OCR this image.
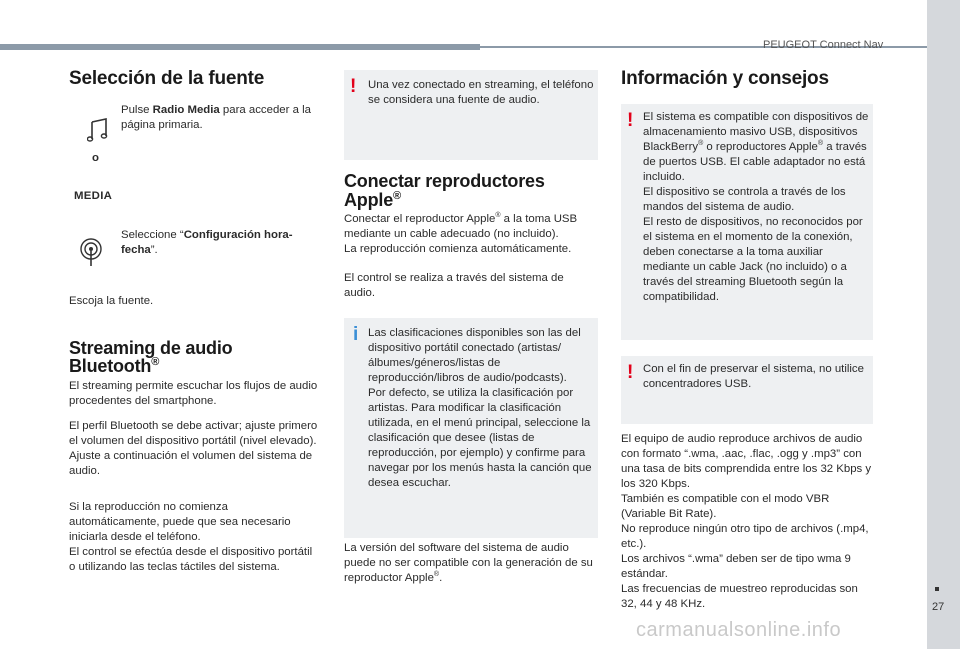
PEUGEOT Connect Nav
27
carmanualsonline.info
Selección de la fuente

Pulse Radio Media para acceder a la página primaria.

o

MEDIA

Seleccione “Configuración hora-fecha”.

Escoja la fuente.

Streaming de audio
Bluetooth®

El streaming permite escuchar los flujos de audio procedentes del smartphone.

El perfil Bluetooth se debe activar; ajuste primero el volumen del dispositivo portátil (nivel elevado).
Ajuste a continuación el volumen del sistema de audio.

Si la reproducción no comienza automáticamente, puede que sea necesario iniciarla desde el teléfono.
El control se efectúa desde el dispositivo portátil o utilizando las teclas táctiles del sistema.

! Una vez conectado en streaming, el teléfono se considera una fuente de audio.

Conectar reproductores
Apple®

Conectar el reproductor Apple® a la toma USB mediante un cable adecuado (no incluido).
La reproducción comienza automáticamente.

El control se realiza a través del sistema de audio.

i Las clasificaciones disponibles son las del dispositivo portátil conectado (artistas/álbumes/géneros/listas de reproducción/libros de audio/podcasts).
Por defecto, se utiliza la clasificación por artistas. Para modificar la clasificación utilizada, en el menú principal, seleccione la clasificación que desee (listas de reproducción, por ejemplo) y confirme para navegar por los menús hasta la canción que desea escuchar.

La versión del software del sistema de audio puede no ser compatible con la generación de su reproductor Apple®.

Información y consejos
! El sistema es compatible con dispositivos de almacenamiento masivo USB, dispositivos BlackBerry® o reproductores Apple® a través de puertos USB. El cable adaptador no está incluido.
El dispositivo se controla a través de los mandos del sistema de audio.
El resto de dispositivos, no reconocidos por el sistema en el momento de la conexión, deben conectarse a la toma auxiliar mediante un cable Jack (no incluido) o a través del streaming Bluetooth según la compatibilidad.

! Con el fin de preservar el sistema, no utilice concentradores USB.

El equipo de audio reproduce archivos de audio con formato “.wma, .aac, .flac, .ogg y .mp3” con una tasa de bits comprendida entre los 32 Kbps y los 320 Kbps.
También es compatible con el modo VBR (Variable Bit Rate).
No reproduce ningún otro tipo de archivos (.mp4, etc.).
Los archivos “.wma” deben ser de tipo wma 9 estándar.
Las frecuencias de muestreo reproducidas son 32, 44 y 48 KHz.
